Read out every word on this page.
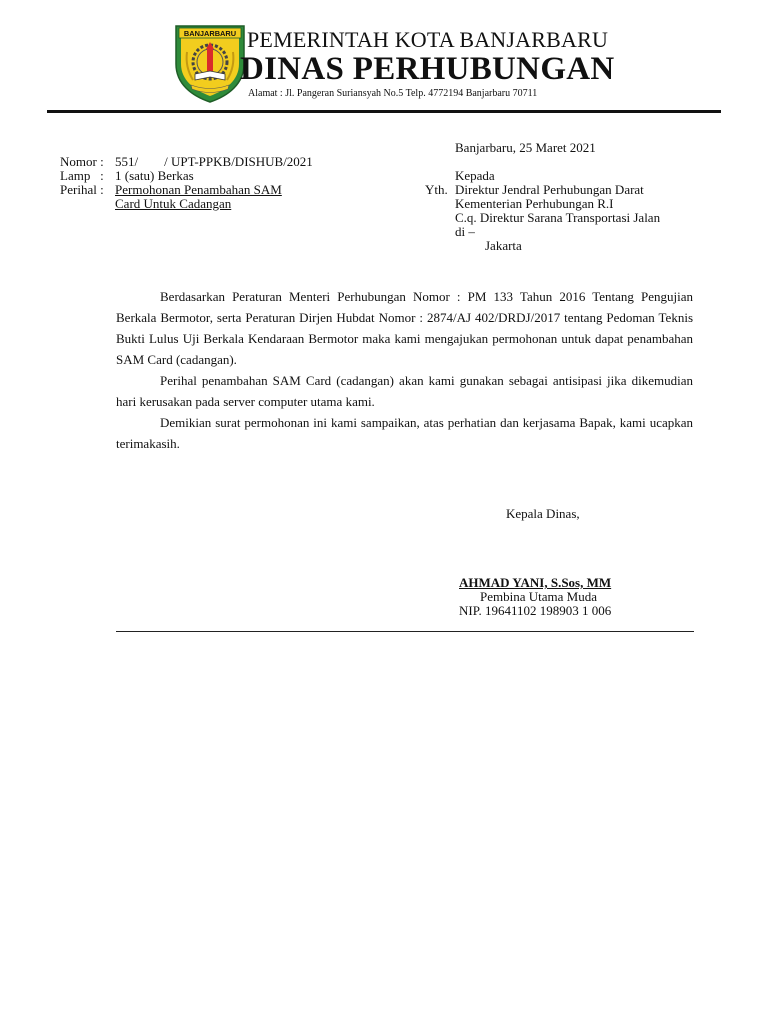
BANJARBARU PEMERINTAH KOTA BANJARBARU
DINAS PERHUBUNGAN
Alamat : Jl. Pangeran Suriansyah No.5 Telp. 4772194 Banjarbaru 70711
Banjarbaru, 25 Maret 2021
Nomor : 551/        / UPT-PPKB/DISHUB/2021
Lamp   : 1 (satu) Berkas
Perihal : Permohonan Penambahan SAM
Card Untuk Cadangan
Kepada
Yth. Direktur Jendral Perhubungan Darat
Kementerian Perhubungan R.I
C.q. Direktur Sarana Transportasi Jalan
di –
Jakarta
Berdasarkan Peraturan Menteri Perhubungan Nomor : PM 133 Tahun 2016 Tentang Pengujian Berkala Bermotor, serta Peraturan Dirjen Hubdat Nomor : 2874/AJ 402/DRDJ/2017 tentang Pedoman Teknis Bukti Lulus Uji Berkala Kendaraan Bermotor maka kami mengajukan permohonan untuk dapat penambahan SAM Card (cadangan).
Perihal penambahan SAM Card (cadangan) akan kami gunakan sebagai antisipasi jika dikemudian hari kerusakan pada server computer utama kami.
Demikian surat permohonan ini kami sampaikan, atas perhatian dan kerjasama Bapak, kami ucapkan terimakasih.
Kepala Dinas,
AHMAD YANI, S.Sos, MM
Pembina Utama Muda
NIP. 19641102 198903 1 006
